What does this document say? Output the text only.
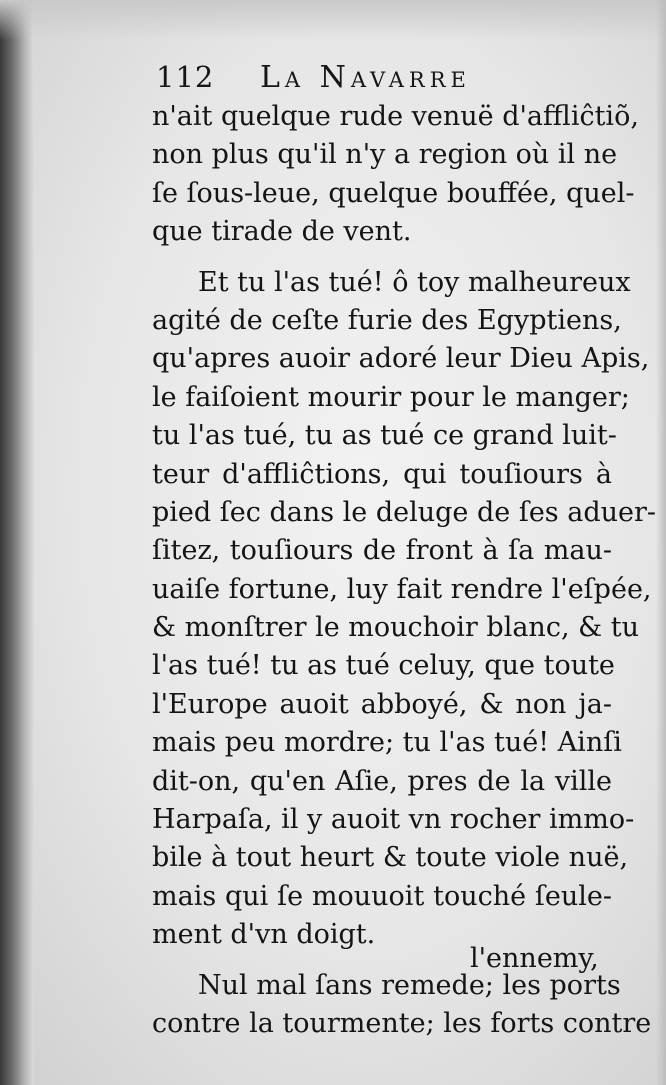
112 La Navarre
n'ait quelque rude venuë d'affliĉtiõ,
non plus qu'il n'y a region où il ne
ſe ſous-leue, quelque bouffée, quel-
que tirade de vent.
Et tu l'as tué! ô toy malheureux
agité de ceſte furie des Egyptiens,
qu'apres auoir adoré leur Dieu Apis,
le faiſoient mourir pour le manger;
tu l'as tué, tu as tué ce grand luit-
teur d'affliĉtions, qui touſiours à
pied ſec dans le deluge de ſes aduer-
ſitez, touſiours de front à ſa mau-
uaiſe fortune, luy fait rendre l'eſpée,
& monſtrer le mouchoir blanc, & tu
l'as tué! tu as tué celuy, que toute
l'Europe auoit abboyé, & non ja-
mais peu mordre; tu l'as tué! Ainſi
dit-on, qu'en Aſie, pres de la ville
Harpaſa, il y auoit vn rocher immo-
bile à tout heurt & toute viole nuë,
mais qui ſe mouuoit touché ſeule-
ment d'vn doigt.
Nul mal ſans remede; les ports
contre la tourmente; les forts contre
l'ennemy,
